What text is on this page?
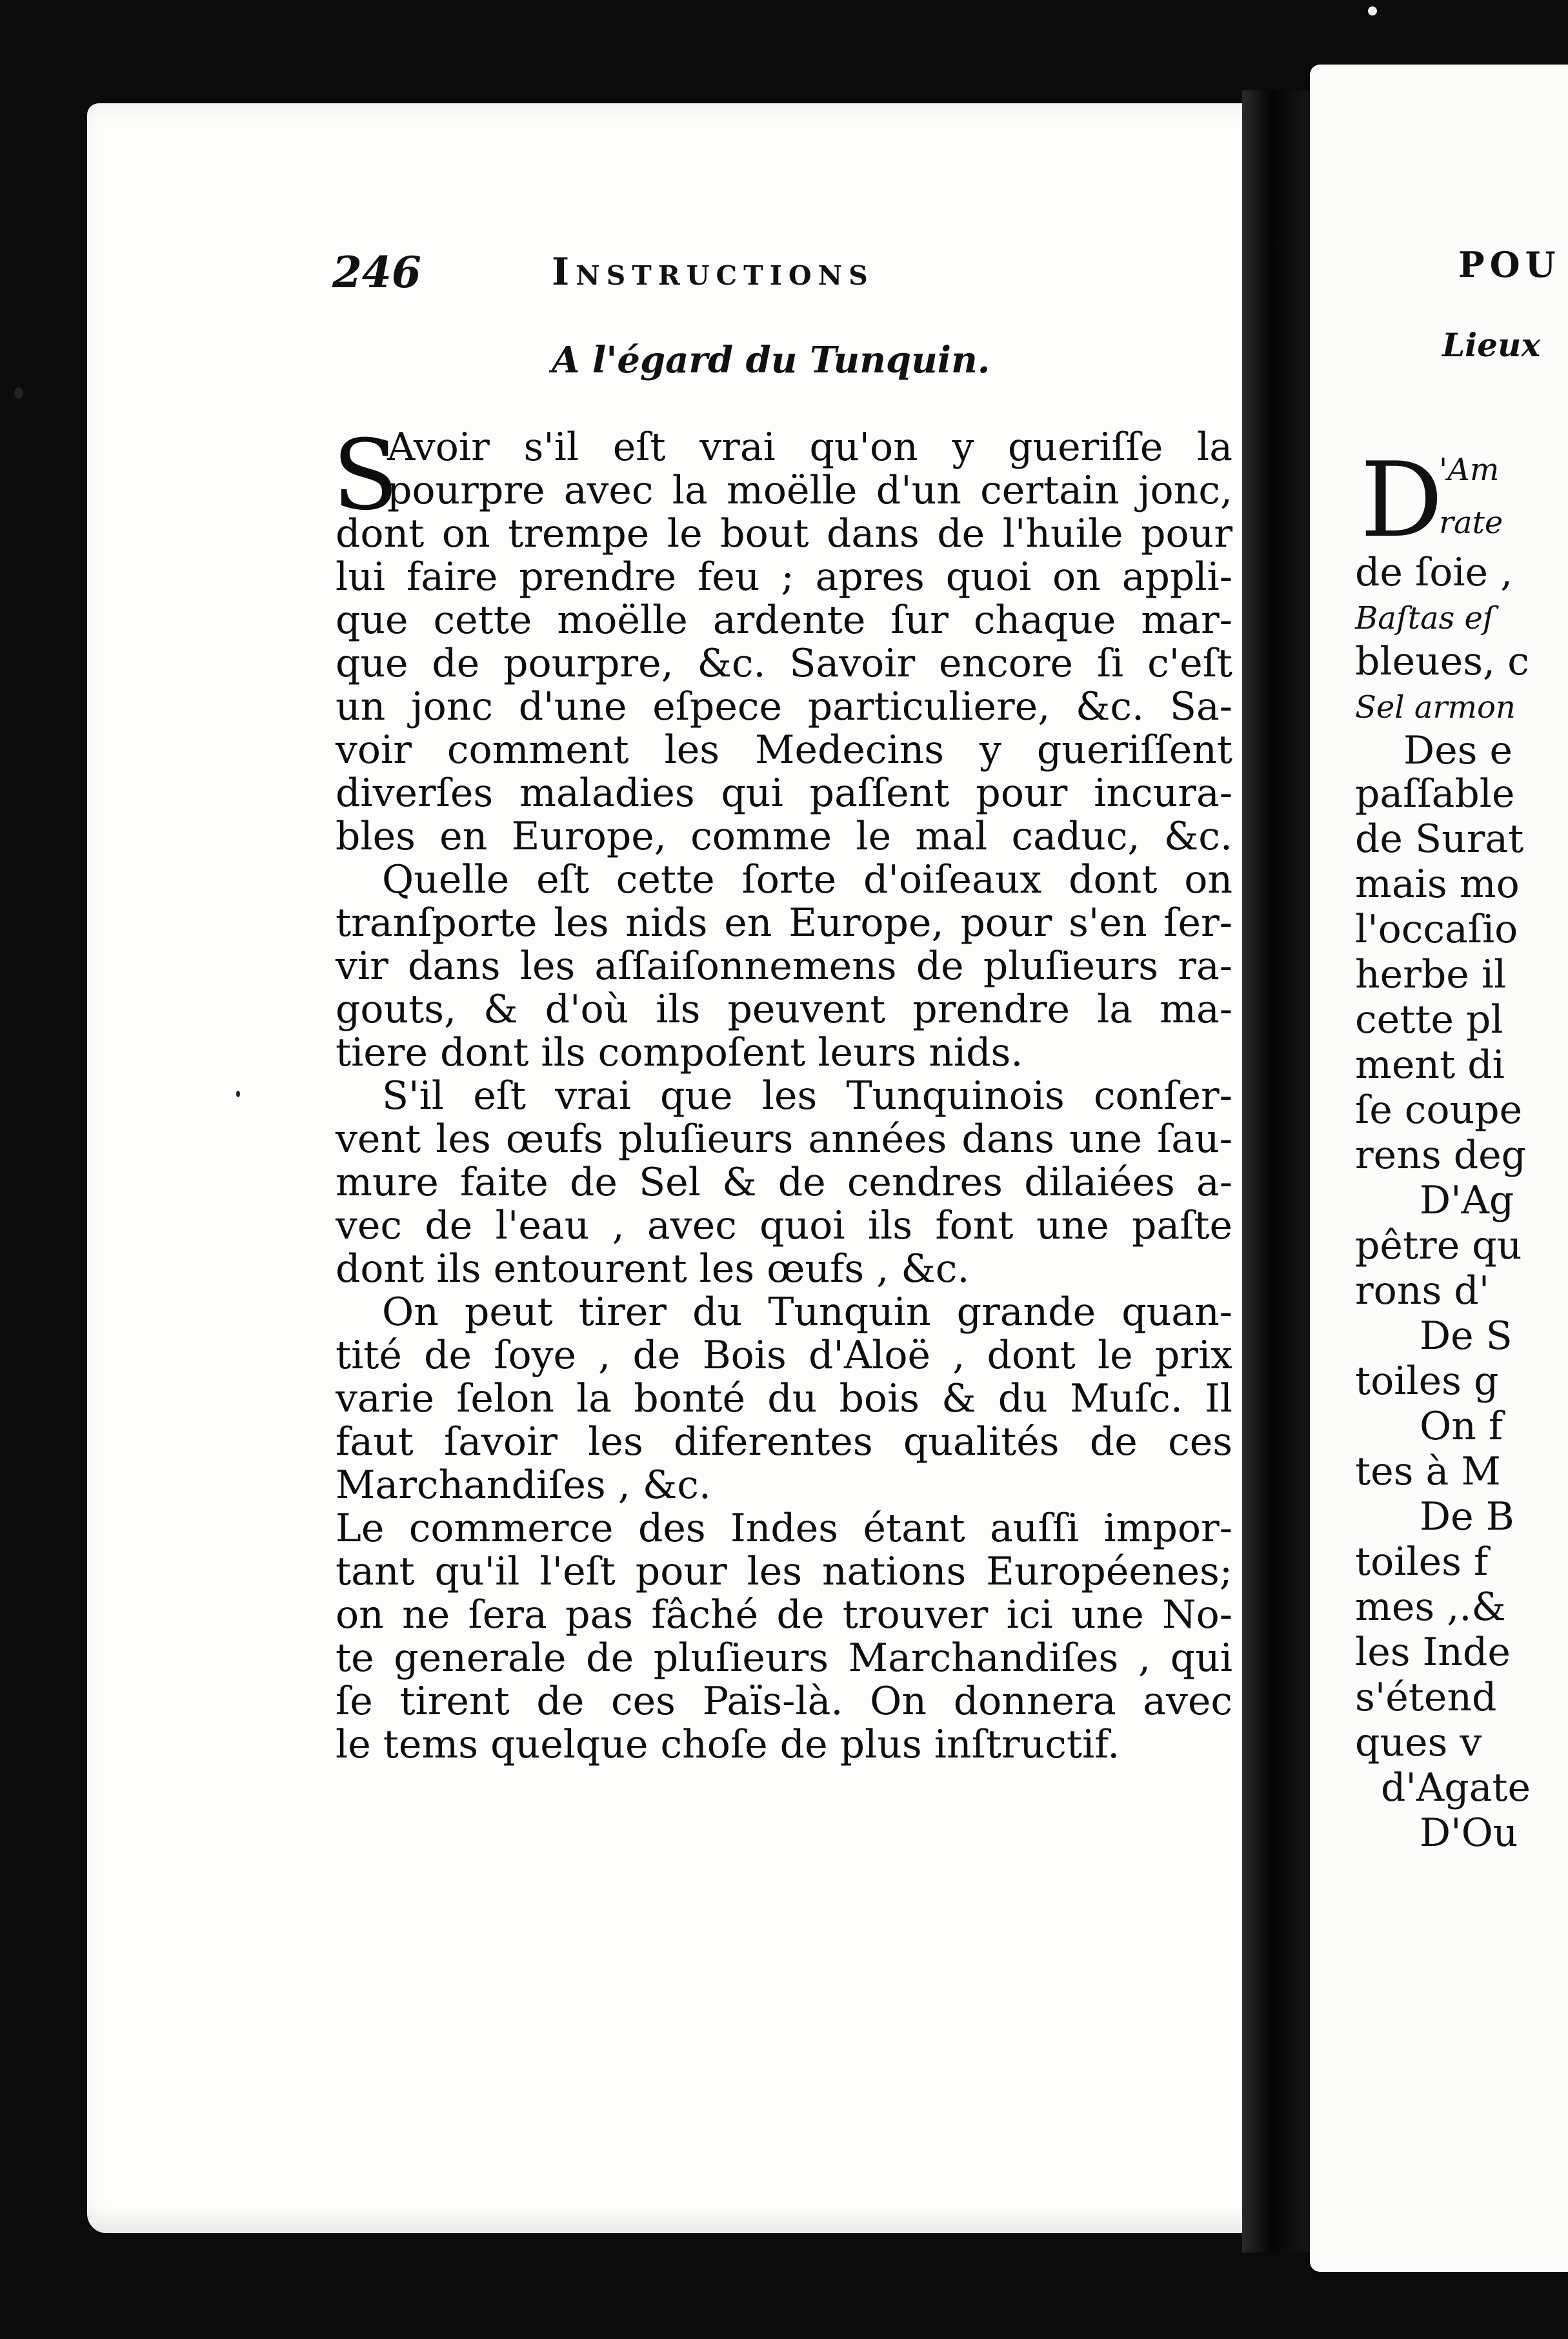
246	Instructions
A l'égard du Tunquin.
S
Avoir s'il eſt vrai qu'on y gueriſſe la
pourpre avec la moëlle d'un certain jonc,
dont on trempe le bout dans de l'huile pour
lui faire prendre feu ; apres quoi on appli-
que cette moëlle ardente ſur chaque mar-
que de pourpre, &c. Savoir encore ſi c'eſt
un jonc d'une eſpece particuliere, &c. Sa-
voir comment les Medecins y gueriſſent
diverſes maladies qui paſſent pour incura-
bles en Europe, comme le mal caduc, &c.
Quelle eſt cette ſorte d'oiſeaux dont on
tranſporte les nids en Europe, pour s'en ſer-
vir dans les aſſaiſonnemens de pluſieurs ra-
gouts, & d'où ils peuvent prendre la ma-
tiere dont ils compoſent leurs nids.
S'il eſt vrai que les Tunquinois conſer-
vent les œufs pluſieurs années dans une ſau-
mure faite de Sel & de cendres dilaiées a-
vec de l'eau , avec quoi ils font une paſte
dont ils entourent les œufs , &c.
On peut tirer du Tunquin grande quan-
tité de ſoye , de Bois d'Aloë , dont le prix
varie ſelon la bonté du bois & du Muſc. Il
faut ſavoir les diferentes qualités de ces
Marchandiſes , &c.
Le commerce des Indes étant auſſi impor-
tant qu'il l'eſt pour les nations Européenes;
on ne ſera pas fâché de trouver ici une No-
te generale de pluſieurs Marchandiſes , qui
ſe tirent de ces Païs-là. On donnera avec
le tems quelque choſe de plus inſtructif.
POU
Lieux
D
'Am
rate
de ſoie ,
Baſtas eſ
bleues, c
Sel armon
Des e
paſſable
de Surat
mais mo
l'occaſio
herbe il
cette pl
ment di
ſe coupe
rens deg
D'Ag
pêtre qu
rons d'
De S
toiles g
On f
tes à M
De B
toiles f
mes ,.&
les Inde
s'étend
ques v
d'Agate
D'Ou
